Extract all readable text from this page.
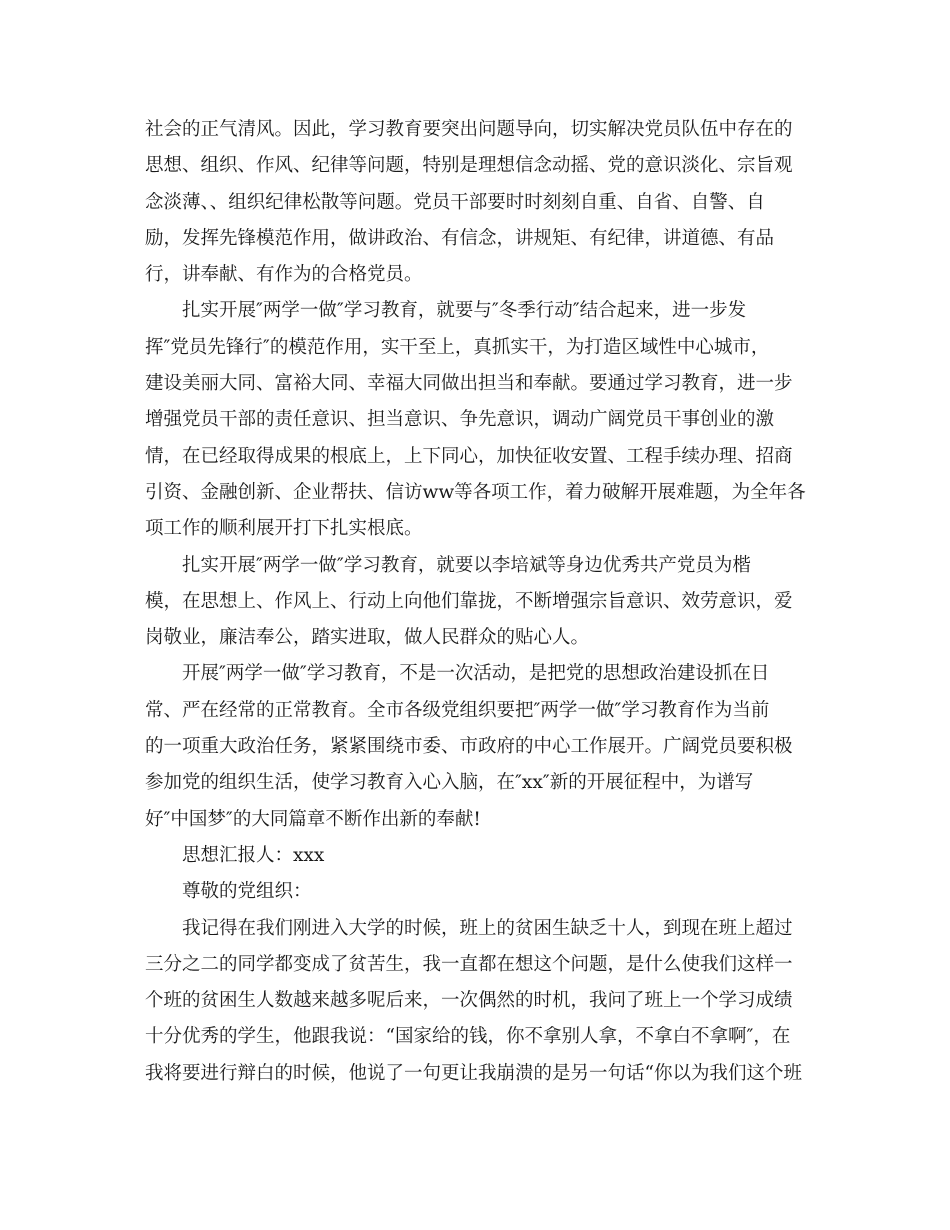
社会的正气清风。因此，学习教育要突出问题导向，切实解决党员队伍中存在的
思想、组织、作风、纪律等问题，特别是理想信念动摇、党的意识淡化、宗旨观
念淡薄、、组织纪律松散等问题。党员干部要时时刻刻自重、自省、自警、自
励，发挥先锋模范作用，做讲政治、有信念，讲规矩、有纪律，讲道德、有品
行，讲奉献、有作为的合格党员。
扎实开展″两学一做″学习教育，就要与″冬季行动″结合起来，进一步发
挥″党员先锋行″的模范作用，实干至上，真抓实干，为打造区域性中心城市，
建设美丽大同、富裕大同、幸福大同做出担当和奉献。要通过学习教育，进一步
增强党员干部的责任意识、担当意识、争先意识，调动广阔党员干事创业的激
情，在已经取得成果的根底上，上下同心，加快征收安置、工程手续办理、招商
引资、金融创新、企业帮扶、信访ww等各项工作，着力破解开展难题，为全年各
项工作的顺利展开打下扎实根底。
扎实开展″两学一做″学习教育，就要以李培斌等身边优秀共产党员为楷
模，在思想上、作风上、行动上向他们靠拢，不断增强宗旨意识、效劳意识，爱
岗敬业，廉洁奉公，踏实进取，做人民群众的贴心人。
开展″两学一做″学习教育，不是一次活动，是把党的思想政治建设抓在日
常、严在经常的正常教育。全市各级党组织要把″两学一做″学习教育作为当前
的一项重大政治任务，紧紧围绕市委、市政府的中心工作展开。广阔党员要积极
参加党的组织生活，使学习教育入心入脑，在″xx″新的开展征程中，为谱写
好″中国梦″的大同篇章不断作出新的奉献!
思想汇报人：xxx
尊敬的党组织：
我记得在我们刚进入大学的时候，班上的贫困生缺乏十人，到现在班上超过
三分之二的同学都变成了贫苦生，我一直都在想这个问题，是什么使我们这样一
个班的贫困生人数越来越多呢后来，一次偶然的时机，我问了班上一个学习成绩
十分优秀的学生，他跟我说：“国家给的钱，你不拿别人拿，不拿白不拿啊″，在
我将要进行辩白的时候，他说了一句更让我崩溃的是另一句话“你以为我们这个班
